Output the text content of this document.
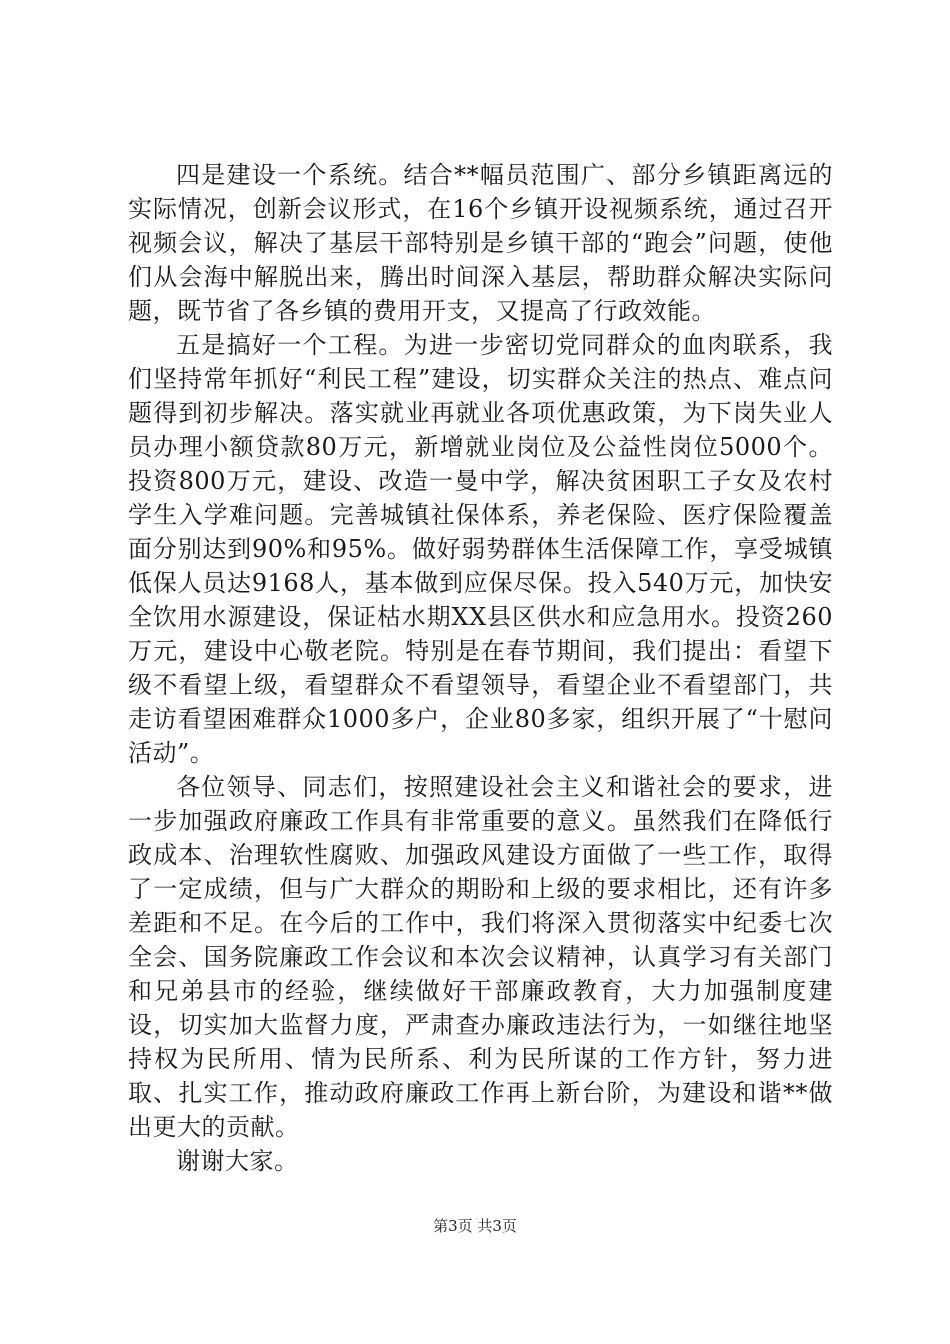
四是建设一个系统。结合**幅员范围广、部分乡镇距离远的实际情况，创新会议形式，在16个乡镇开设视频系统，通过召开视频会议，解决了基层干部特别是乡镇干部的“跑会”问题，使他们从会海中解脱出来，腾出时间深入基层，帮助群众解决实际问题，既节省了各乡镇的费用开支，又提高了行政效能。

五是搞好一个工程。为进一步密切党同群众的血肉联系，我们坚持常年抓好“利民工程”建设，切实群众关注的热点、难点问题得到初步解决。落实就业再就业各项优惠政策，为下岗失业人员办理小额贷款80万元，新增就业岗位及公益性岗位5000个。投资800万元，建设、改造一曼中学，解决贫困职工子女及农村学生入学难问题。完善城镇社保体系，养老保险、医疗保险覆盖面分别达到90%和95%。做好弱势群体生活保障工作，享受城镇低保人员达9168人，基本做到应保尽保。投入540万元，加快安全饮用水源建设，保证枯水期XX县区供水和应急用水。投资260万元，建设中心敬老院。特别是在春节期间，我们提出：看望下级不看望上级，看望群众不看望领导，看望企业不看望部门，共走访看望困难群众1000多户，企业80多家，组织开展了“十慰问活动”。

各位领导、同志们，按照建设社会主义和谐社会的要求，进一步加强政府廉政工作具有非常重要的意义。虽然我们在降低行政成本、治理软性腐败、加强政风建设方面做了一些工作，取得了一定成绩，但与广大群众的期盼和上级的要求相比，还有许多差距和不足。在今后的工作中，我们将深入贯彻落实中纪委七次全会、国务院廉政工作会议和本次会议精神，认真学习有关部门和兄弟县市的经验，继续做好干部廉政教育，大力加强制度建设，切实加大监督力度，严肃查办廉政违法行为，一如继往地坚持权为民所用、情为民所系、利为民所谋的工作方针，努力进取、扎实工作，推动政府廉政工作再上新台阶，为建设和谐**做出更大的贡献。

谢谢大家。

第3页 共3页
